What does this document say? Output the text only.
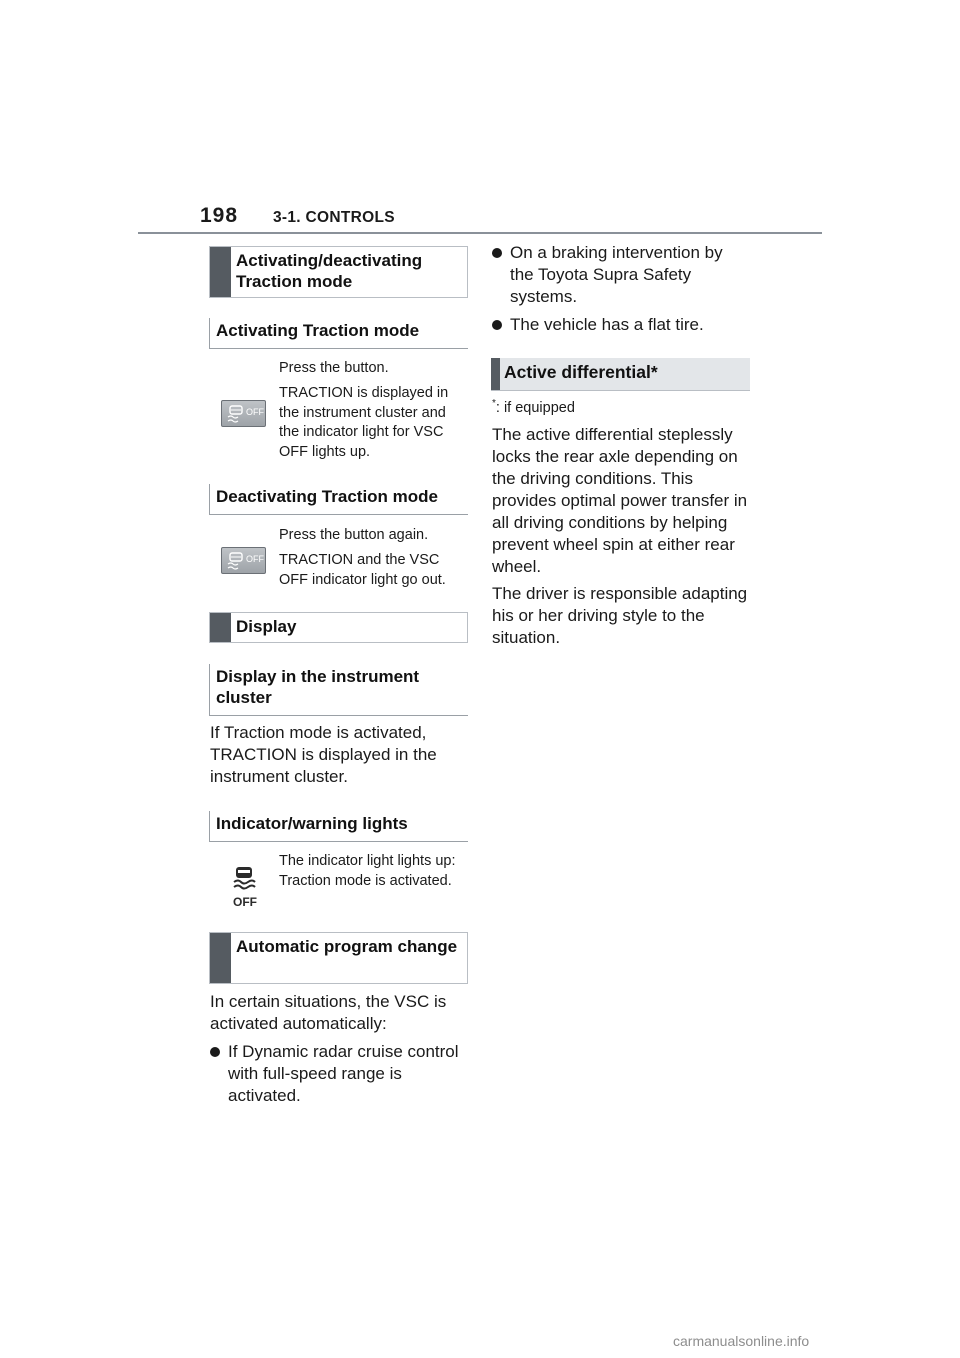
198 3-1. CONTROLS
Activating/deactivating Traction mode
Activating Traction mode
Press the button.
OFF
TRACTION is displayed in the instrument cluster and the indicator light for VSC OFF lights up.
Deactivating Traction mode
Press the button again.
OFF TRACTION and the VSC OFF indicator light go out.
Display
Display in the instrument cluster
If Traction mode is activated, TRACTION is displayed in the instrument cluster.
Indicator/warning lights
OFF
The indicator light lights up: Traction mode is activated.
Automatic program change
In certain situations, the VSC is activated automatically:
If Dynamic radar cruise control with full-speed range is activated.
On a braking intervention by the Toyota Supra Safety systems.
The vehicle has a flat tire.
Active differential*
*: if equipped
The active differential steplessly locks the rear axle depending on the driving conditions. This provides optimal power transfer in all driving conditions by helping prevent wheel spin at either rear wheel.
The driver is responsible adapting his or her driving style to the situation.
carmanualsonline.info
